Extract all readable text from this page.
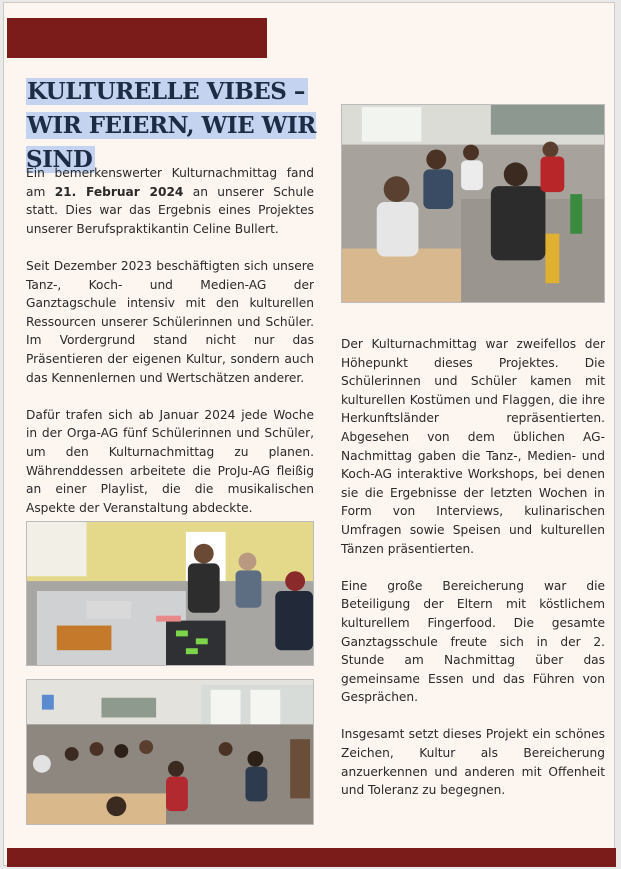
KULTURELLE VIBES –
WIR FEIERN, WIE WIR SIND

Ein bemerkenswerter Kulturnachmittag fand am 21. Februar 2024 an unserer Schule statt. Dies war das Ergebnis eines Projektes unserer Berufspraktikantin Celine Bullert.

Seit Dezember 2023 beschäftigten sich unsere Tanz-, Koch- und Medien-AG der Ganztagschule intensiv mit den kulturellen Ressourcen unserer Schülerinnen und Schüler. Im Vordergrund stand nicht nur das Präsentieren der eigenen Kultur, sondern auch das Kennenlernen und Wertschätzen anderer.

Dafür trafen sich ab Januar 2024 jede Woche in der Orga-AG fünf Schülerinnen und Schüler, um den Kulturnachmittag zu planen. Währenddessen arbeitete die ProJu-AG fleißig an einer Playlist, die die musikalischen Aspekte der Veranstaltung abdeckte.

Der Kulturnachmittag war zweifellos der Höhepunkt dieses Projektes. Die Schülerinnen und Schüler kamen mit kulturellen Kostümen und Flaggen, die ihre Herkunftsländer repräsentierten. Abgesehen von dem üblichen AG-Nachmittag gaben die Tanz-, Medien- und Koch-AG interaktive Workshops, bei denen sie die Ergebnisse der letzten Wochen in Form von Interviews, kulinarischen Umfragen sowie Speisen und kulturellen Tänzen präsentierten.

Eine große Bereicherung war die Beteiligung der Eltern mit köstlichem kulturellem Fingerfood. Die gesamte Ganztagsschule freute sich in der 2. Stunde am Nachmittag über das gemeinsame Essen und das Führen von Gesprächen.

Insgesamt setzt dieses Projekt ein schönes Zeichen, Kultur als Bereicherung anzuerkennen und anderen mit Offenheit und Toleranz zu begegnen.
